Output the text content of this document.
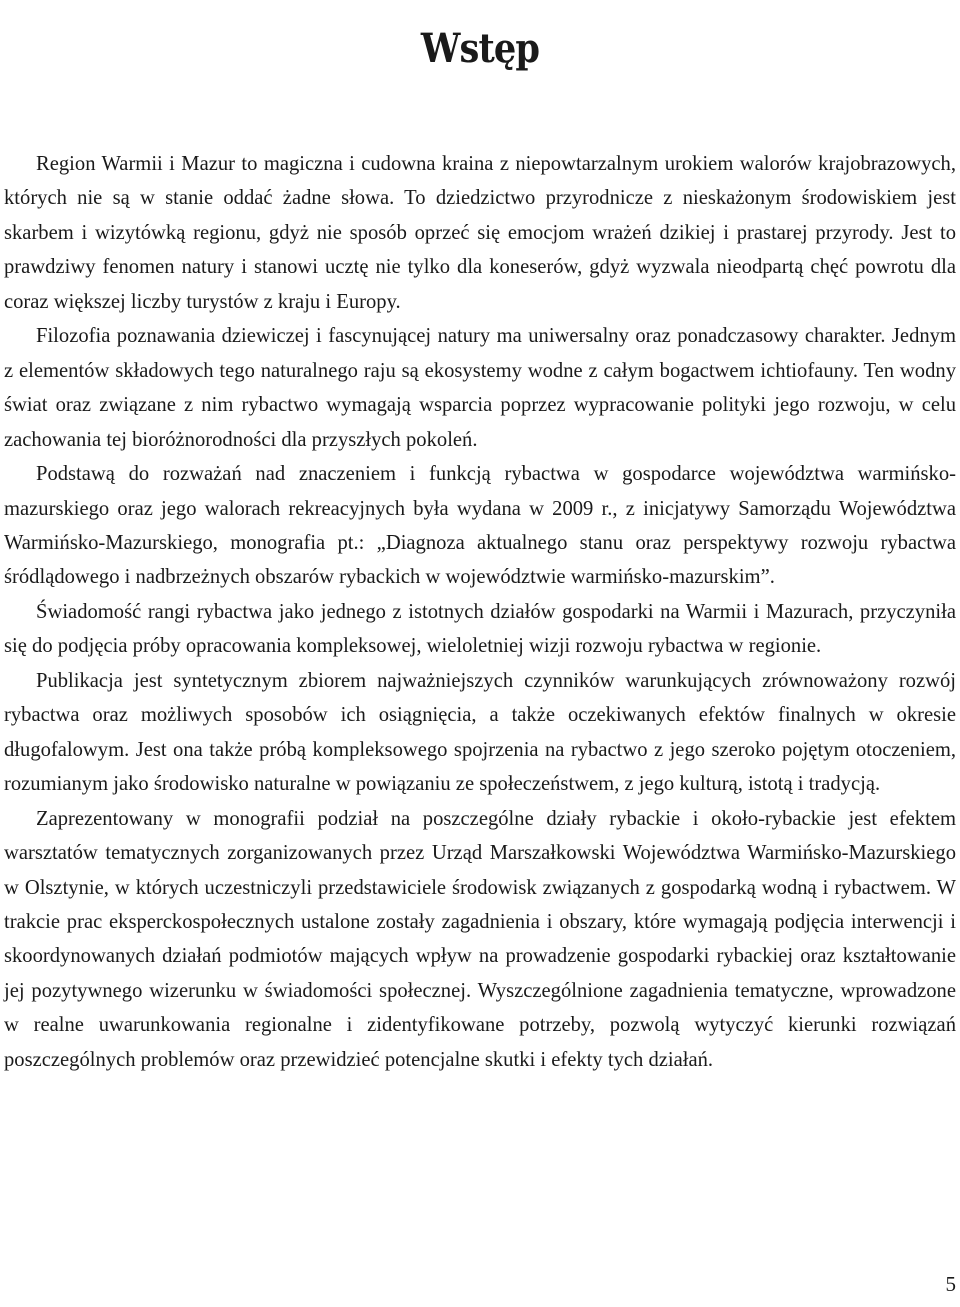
Wstęp

Region Warmii i Mazur to magiczna i cudowna kraina z niepowtarzalnym urokiem walorów krajobrazowych, których nie są w stanie oddać żadne słowa. To dziedzictwo przyrodnicze z nieskażonym środowiskiem jest skarbem i wizytówką regionu, gdyż nie sposób oprzeć się emocjom wrażeń dzikiej i prastarej przyrody. Jest to prawdziwy fenomen natury i stanowi ucztę nie tylko dla koneserów, gdyż wyzwala nieodpartą chęć powrotu dla coraz większej liczby turystów z kraju i Europy.

Filozofia poznawania dziewiczej i fascynującej natury ma uniwersalny oraz ponadczasowy charakter. Jednym z elementów składowych tego naturalnego raju są ekosystemy wodne z całym bogactwem ichtiofauny. Ten wodny świat oraz związane z nim rybactwo wymagają wsparcia poprzez wypracowanie polityki jego rozwoju, w celu zachowania tej bioróżnorodności dla przyszłych pokoleń.

Podstawą do rozważań nad znaczeniem i funkcją rybactwa w gospodarce województwa warmińsko-mazurskiego oraz jego walorach rekreacyjnych była wydana w 2009 r., z inicjatywy Samorządu Województwa Warmińsko-Mazurskiego, monografia pt.: „Diagnoza aktualnego stanu oraz perspektywy rozwoju rybactwa śródlądowego i nadbrzeżnych obszarów rybackich w województwie warmińsko-mazurskim”.

Świadomość rangi rybactwa jako jednego z istotnych działów gospodarki na Warmii i Mazurach, przyczyniła się do podjęcia próby opracowania kompleksowej, wieloletniej wizji rozwoju rybactwa w regionie.

Publikacja jest syntetycznym zbiorem najważniejszych czynników warunkujących zrównoważony rozwój rybactwa oraz możliwych sposobów ich osiągnięcia, a także oczekiwanych efektów finalnych w okresie długofalowym. Jest ona także próbą kompleksowego spojrzenia na rybactwo z jego szeroko pojętym otoczeniem, rozumianym jako środowisko naturalne w powiązaniu ze społeczeństwem, z jego kulturą, istotą i tradycją.

Zaprezentowany w monografii podział na poszczególne działy rybackie i około-rybackie jest efektem warsztatów tematycznych zorganizowanych przez Urząd Marszałkowski Województwa Warmińsko-Mazurskiego w Olsztynie, w których uczestniczyli przedstawiciele środowisk związanych z gospodarką wodną i rybactwem. W trakcie prac eksperckospołecznych ustalone zostały zagadnienia i obszary, które wymagają podjęcia interwencji i skoordynowanych działań podmiotów mających wpływ na prowadzenie gospodarki rybackiej oraz kształtowanie jej pozytywnego wizerunku w świadomości społecznej. Wyszczególnione zagadnienia tematyczne, wprowadzone w realne uwarunkowania regionalne i zidentyfikowane potrzeby, pozwolą wytyczyć kierunki rozwiązań poszczególnych problemów oraz przewidzieć potencjalne skutki i efekty tych działań.

5
